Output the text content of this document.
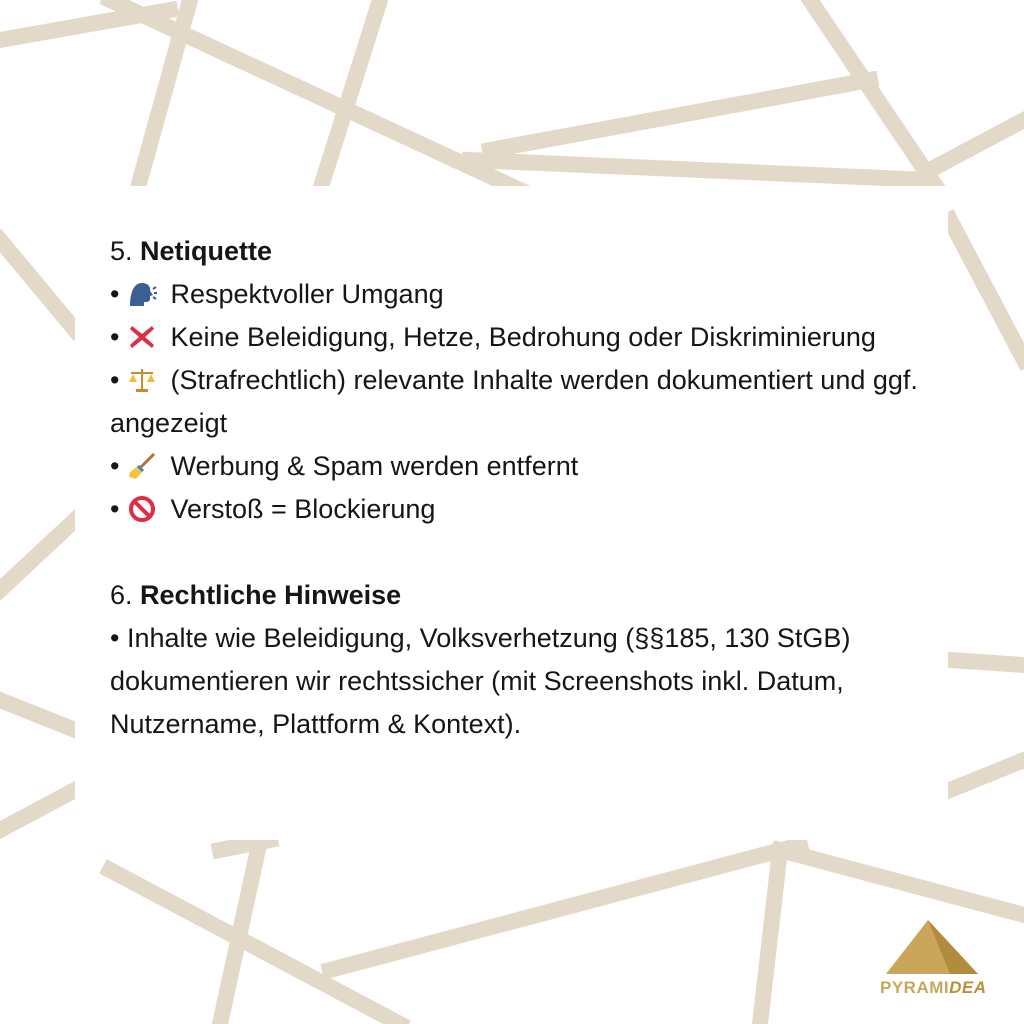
5. Netiquette
• Respektvoller Umgang
• Keine Beleidigung, Hetze, Bedrohung oder Diskriminierung
• (Strafrechtlich) relevante Inhalte werden dokumentiert und ggf. angezeigt
• Werbung & Spam werden entfernt
• Verstoß = Blockierung
6. Rechtliche Hinweise
• Inhalte wie Beleidigung, Volksverhetzung (§§185, 130 StGB) dokumentieren wir rechtssicher (mit Screenshots inkl. Datum, Nutzername, Plattform & Kontext).
PYRAMIDEA
